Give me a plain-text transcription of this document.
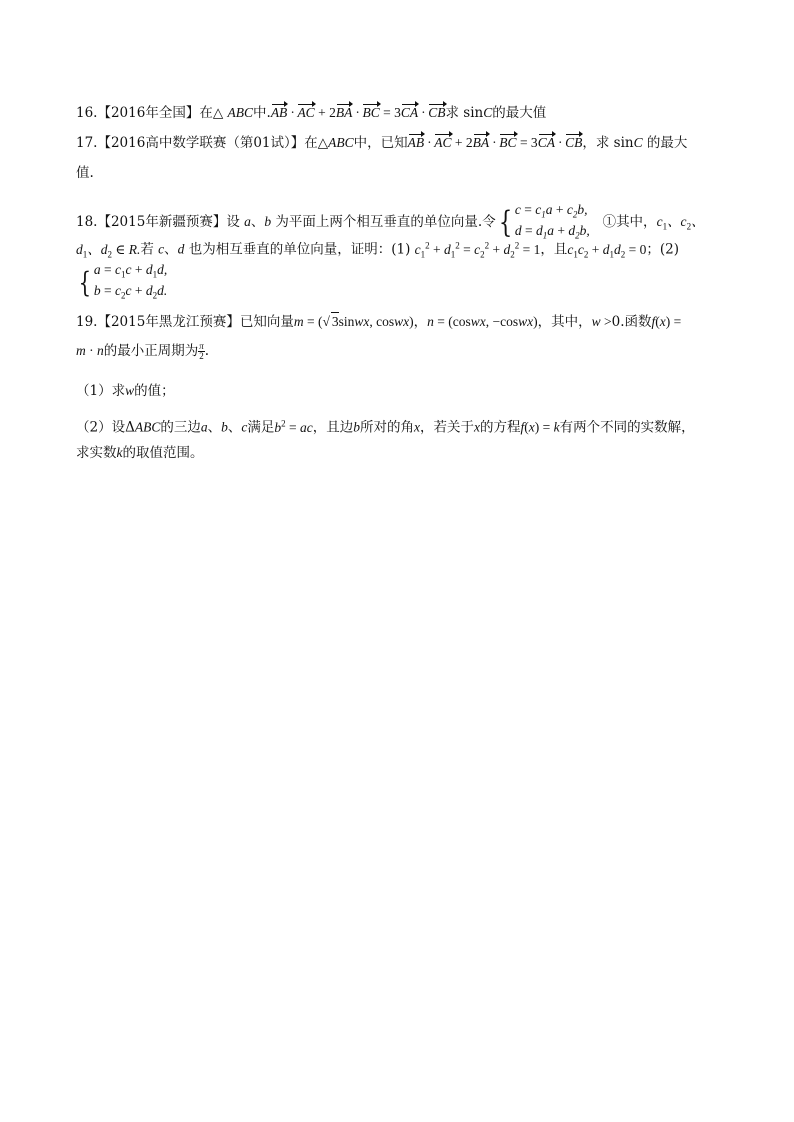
16.【2016年全国】在△ ABC中.AB · AC + 2BA · BC = 3CA · CB求 sinC的最大值
17.【2016高中数学联赛（第01试）】在△ABC中，已知AB · AC + 2BA · BC = 3CA · CB，求 sinC 的最大
值.
18.【2015年新疆预赛】设 a、b 为平面上两个相互垂直的单位向量.令{ $c = c_1a + c_2b$,
$d = d_1a + d_2b$, ①其中，$c_1$、$c_2$、
$d_1$、$d_2$ ∈ R.若 c、d 也为相互垂直的单位向量，证明：(1) $c_1^2 + d_1^2 = c_2^2 + d_2^2 = 1$，且$c_1c_2 + d_1d_2 = 0$；(2)
{ $a = c_1c + d_1d$,
$b = c_2c + d_2d$.
19.【2015年黑龙江预赛】已知向量m = (√ 3sinwx, coswx)，n = (coswx, −coswx)，其中，w >0.函数f(x) =
m · n的最小正周期为 $\frac{\pi}{2}$ .
（1）求w的值；
（2）设ΔABC的三边a、b、c满足$b^2$ = ac，且边b所对的角x，若关于x的方程f(x) = k有两个不同的实数解，
求实数k的取值范围。
